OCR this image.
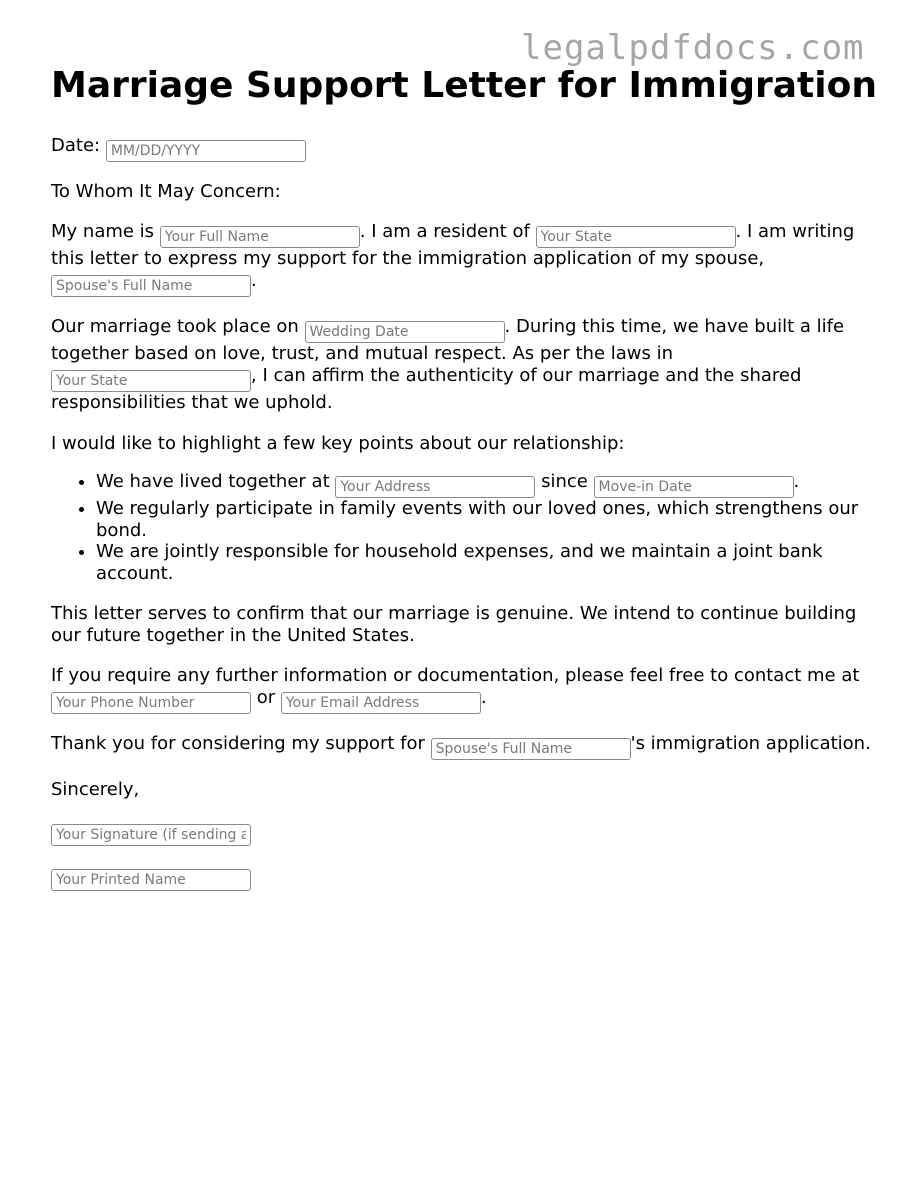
legalpdfdocs.com
Marriage Support Letter for Immigration

Date: MM/DD/YYYY

To Whom It May Concern:

My name is Your Full Name	. I am a resident of Your State	. I am writing this letter to express my support for the immigration application of my spouse, Spouse's Full Name.

Our marriage took place on Wedding Date	. During this time, we have built a life together based on love, trust, and mutual respect. As per the laws in Your State, I can affirm the authenticity of our marriage and the shared responsibilities that we uphold.

I would like to highlight a few key points about our relationship:

• We have lived together at Your Address	since Move-in Date	.
• We regularly participate in family events with our loved ones, which strengthens our bond.
• We are jointly responsible for household expenses, and we maintain a joint bank account.

This letter serves to confirm that our marriage is genuine. We intend to continue building our future together in the United States.

If you require any further information or documentation, please feel free to contact me at Your Phone Number or Your Email Address	.

Thank you for considering my support for Spouse's Full Name	's immigration application.

Sincerely,

Your Signature (if sending a hard copy)

Your Printed Name
